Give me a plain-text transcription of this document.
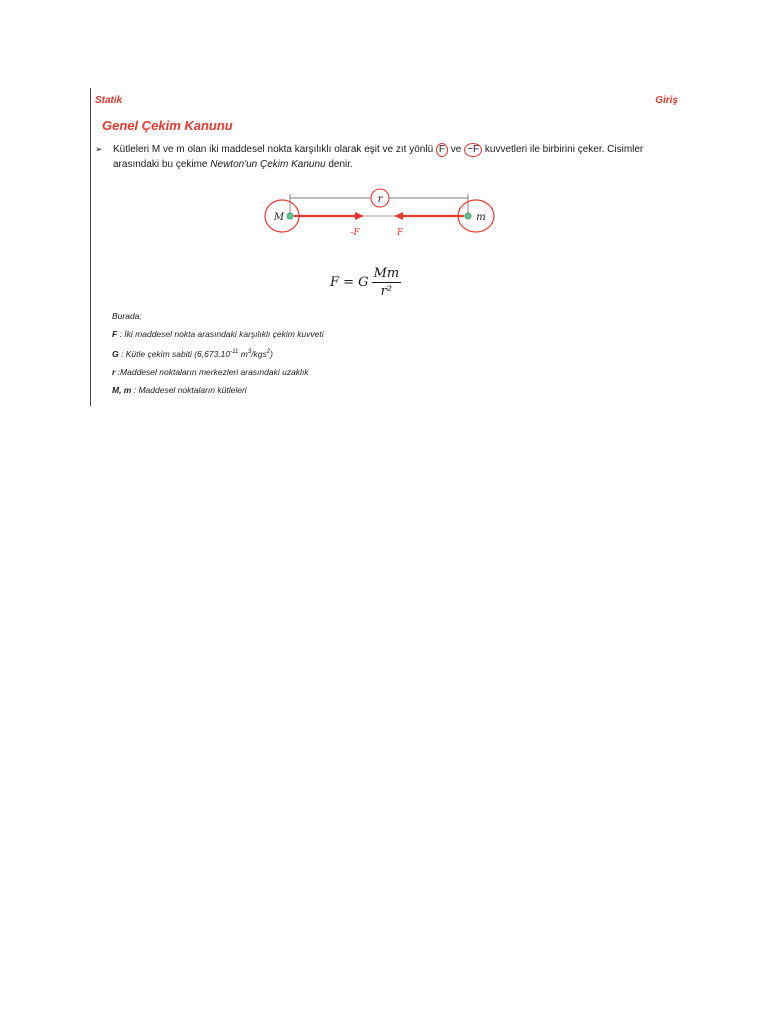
Statik	Giriş
Genel Çekim Kanunu
➢ Kütleleri M ve m olan iki maddesel nokta karşılıklı olarak eşit ve zıt yönlü F ve −F kuvvetleri ile birbirini çeker. Cisimler arasındaki bu çekime Newton'un Çekim Kanunu denir.
r
M	m
-F	F
F = G $\frac{Mm}{\text{r²}}$
Burada;
F : İki maddesel nokta arasındaki karşılıklı çekim kuvveti
G : Kütle çekim sabiti ($6,673.10^{-11}$ $m^3/kgs^2$)
r :Maddesel noktaların merkezleri arasındaki uzaklık
M, m : Maddesel noktaların kütleleri
